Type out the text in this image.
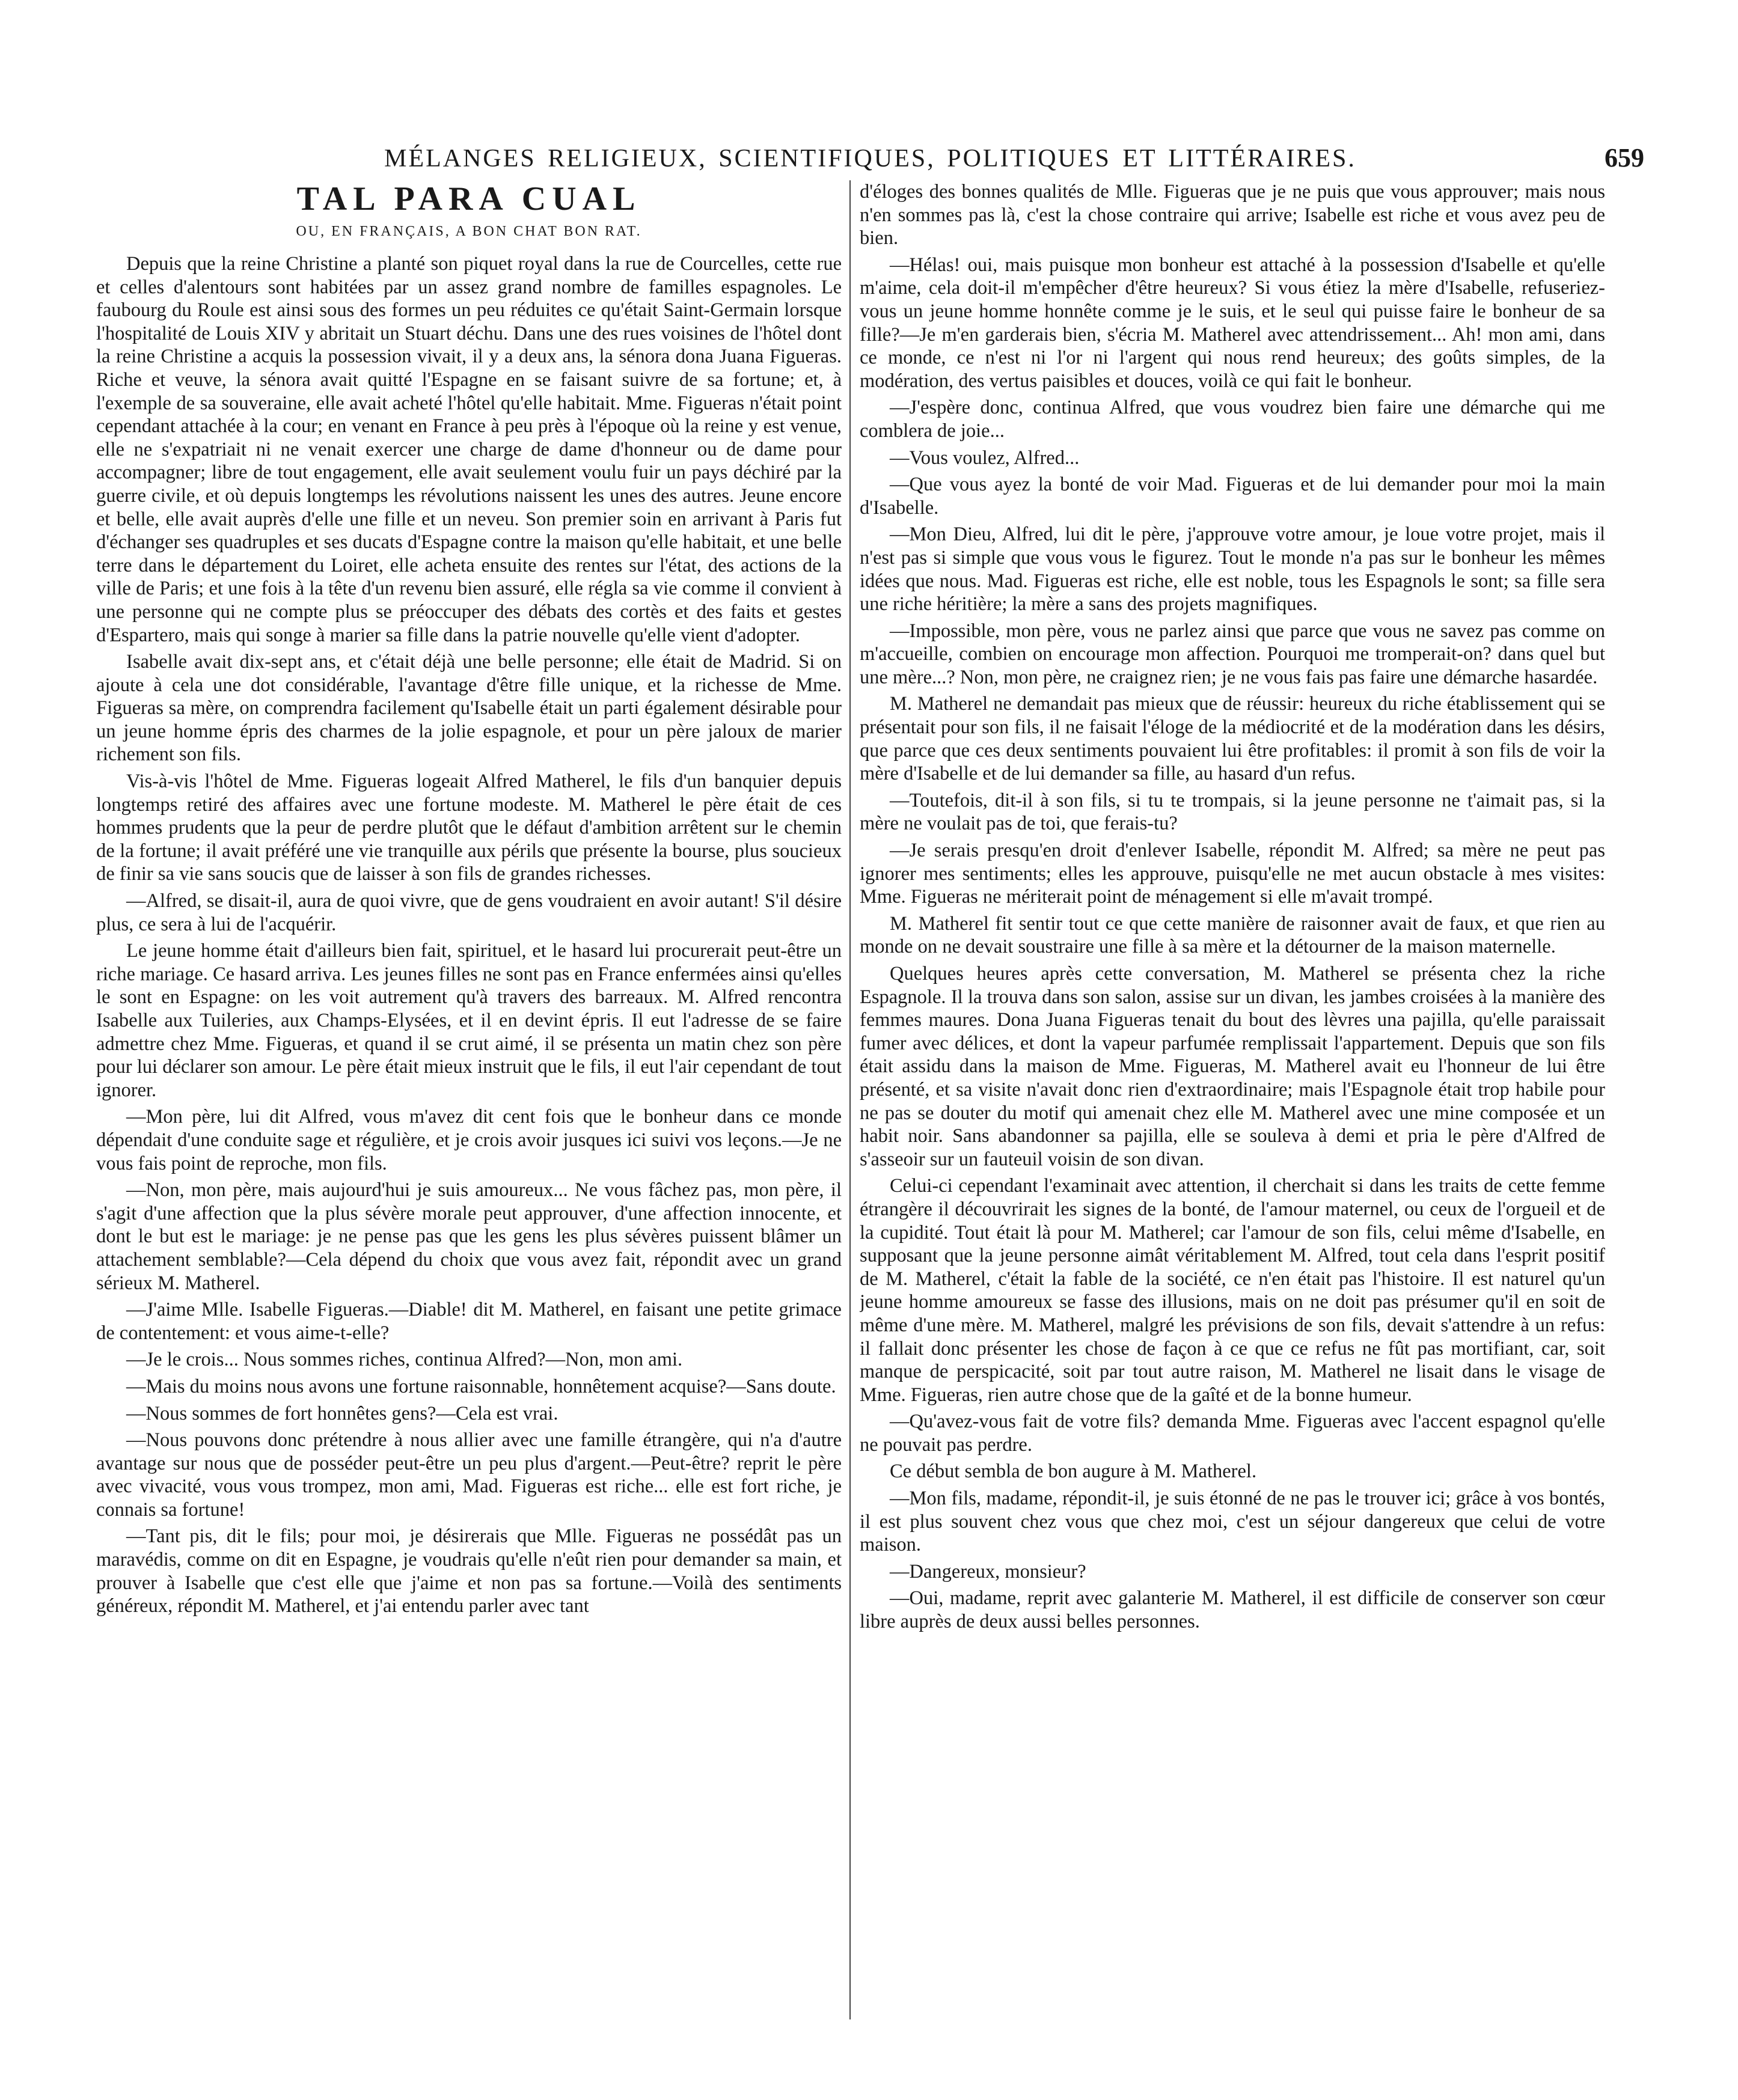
MÉLANGES RELIGIEUX, SCIENTIFIQUES, POLITIQUES ET LITTÉRAIRES.	659
TAL PARA CUAL
OU, EN FRANÇAIS, A BON CHAT BON RAT.

Depuis que la reine Christine a planté son piquet royal dans la rue de Courcelles, cette rue et celles d'alentours sont habitées par un assez grand nombre de familles espagnoles. Le faubourg du Roule est ainsi sous des formes un peu réduites ce qu'était Saint-Germain lorsque l'hospitalité de Louis XIV y abritait un Stuart déchu. Dans une des rues voisines de l'hôtel dont la reine Christine a acquis la possession vivait, il y a deux ans, la sénora dona Juana Figueras. Riche et veuve, la sénora avait quitté l'Espagne en se faisant suivre de sa fortune; et, à l'exemple de sa souveraine, elle avait acheté l'hôtel qu'elle habitait. Mme. Figueras n'était point cependant attachée à la cour; en venant en France à peu près à l'époque où la reine y est venue, elle ne s'expatriait ni ne venait exercer une charge de dame d'honneur ou de dame pour accompagner; libre de tout engagement, elle avait seulement voulu fuir un pays déchiré par la guerre civile, et où depuis longtemps les révolutions naissent les unes des autres. Jeune encore et belle, elle avait auprès d'elle une fille et un neveu. Son premier soin en arrivant à Paris fut d'échanger ses quadruples et ses ducats d'Espagne contre la maison qu'elle habitait, et une belle terre dans le département du Loiret, elle acheta ensuite des rentes sur l'état, des actions de la ville de Paris; et une fois à la tête d'un revenu bien assuré, elle régla sa vie comme il convient à une personne qui ne compte plus se préoccuper des débats des cortès et des faits et gestes d'Espartero, mais qui songe à marier sa fille dans la patrie nouvelle qu'elle vient d'adopter.

Isabelle avait dix-sept ans, et c'était déjà une belle personne; elle était de Madrid. Si on ajoute à cela une dot considérable, l'avantage d'être fille unique, et la richesse de Mme. Figueras sa mère, on comprendra facilement qu'Isabelle était un parti également désirable pour un jeune homme épris des charmes de la jolie espagnole, et pour un père jaloux de marier richement son fils.

Vis-à-vis l'hôtel de Mme. Figueras logeait Alfred Matherel, le fils d'un banquier depuis longtemps retiré des affaires avec une fortune modeste. M. Matherel le père était de ces hommes prudents que la peur de perdre plutôt que le défaut d'ambition arrêtent sur le chemin de la fortune; il avait préféré une vie tranquille aux périls que présente la bourse, plus soucieux de finir sa vie sans soucis que de laisser à son fils de grandes richesses.

—Alfred, se disait-il, aura de quoi vivre, que de gens voudraient en avoir autant! S'il désire plus, ce sera à lui de l'acquérir.

Le jeune homme était d'ailleurs bien fait, spirituel, et le hasard lui procurerait peut-être un riche mariage. Ce hasard arriva. Les jeunes filles ne sont pas en France enfermées ainsi qu'elles le sont en Espagne: on les voit autrement qu'à travers des barreaux. M. Alfred rencontra Isabelle aux Tuileries, aux Champs-Elysées, et il en devint épris. Il eut l'adresse de se faire admettre chez Mme. Figueras, et quand il se crut aimé, il se présenta un matin chez son père pour lui déclarer son amour. Le père était mieux instruit que le fils, il eut l'air cependant de tout ignorer.

—Mon père, lui dit Alfred, vous m'avez dit cent fois que le bonheur dans ce monde dépendait d'une conduite sage et régulière, et je crois avoir jusques ici suivi vos leçons.—Je ne vous fais point de reproche, mon fils.

—Non, mon père, mais aujourd'hui je suis amoureux... Ne vous fâchez pas, mon père, il s'agit d'une affection que la plus sévère morale peut approuver, d'une affection innocente, et dont le but est le mariage: je ne pense pas que les gens les plus sévères puissent blâmer un attachement semblable?—Cela dépend du choix que vous avez fait, répondit avec un grand sérieux M. Matherel.

—J'aime Mlle. Isabelle Figueras.—Diable! dit M. Matherel, en faisant une petite grimace de contentement: et vous aime-t-elle?

—Je le crois... Nous sommes riches, continua Alfred?—Non, mon ami.

—Mais du moins nous avons une fortune raisonnable, honnêtement acquise?—Sans doute.

—Nous sommes de fort honnêtes gens?—Cela est vrai.

—Nous pouvons donc prétendre à nous allier avec une famille étrangère, qui n'a d'autre avantage sur nous que de posséder peut-être un peu plus d'argent.—Peut-être? reprit le père avec vivacité, vous vous trompez, mon ami, Mad. Figueras est riche... elle est fort riche, je connais sa fortune!

—Tant pis, dit le fils; pour moi, je désirerais que Mlle. Figueras ne possédât pas un maravédis, comme on dit en Espagne, je voudrais qu'elle n'eût rien pour demander sa main, et prouver à Isabelle que c'est elle que j'aime et non pas sa fortune.—Voilà des sentiments généreux, répondit M. Matherel, et j'ai entendu parler avec tant

d'éloges des bonnes qualités de Mlle. Figueras que je ne puis que vous approuver; mais nous n'en sommes pas là, c'est la chose contraire qui arrive; Isabelle est riche et vous avez peu de bien.

—Hélas! oui, mais puisque mon bonheur est attaché à la possession d'Isabelle et qu'elle m'aime, cela doit-il m'empêcher d'être heureux? Si vous étiez la mère d'Isabelle, refuseriez-vous un jeune homme honnête comme je le suis, et le seul qui puisse faire le bonheur de sa fille?—Je m'en garderais bien, s'écria M. Matherel avec attendrissement... Ah! mon ami, dans ce monde, ce n'est ni l'or ni l'argent qui nous rend heureux; des goûts simples, de la modération, des vertus paisibles et douces, voilà ce qui fait le bonheur.

—J'espère donc, continua Alfred, que vous voudrez bien faire une démarche qui me comblera de joie...

—Vous voulez, Alfred...

—Que vous ayez la bonté de voir Mad. Figueras et de lui demander pour moi la main d'Isabelle.

—Mon Dieu, Alfred, lui dit le père, j'approuve votre amour, je loue votre projet, mais il n'est pas si simple que vous vous le figurez. Tout le monde n'a pas sur le bonheur les mêmes idées que nous. Mad. Figueras est riche, elle est noble, tous les Espagnols le sont; sa fille sera une riche héritière; la mère a sans des projets magnifiques.

—Impossible, mon père, vous ne parlez ainsi que parce que vous ne savez pas comme on m'accueille, combien on encourage mon affection. Pourquoi me tromperait-on? dans quel but une mère...? Non, mon père, ne craignez rien; je ne vous fais pas faire une démarche hasardée.

M. Matherel ne demandait pas mieux que de réussir: heureux du riche établissement qui se présentait pour son fils, il ne faisait l'éloge de la médiocrité et de la modération dans les désirs, que parce que ces deux sentiments pouvaient lui être profitables: il promit à son fils de voir la mère d'Isabelle et de lui demander sa fille, au hasard d'un refus.

—Toutefois, dit-il à son fils, si tu te trompais, si la jeune personne ne t'aimait pas, si la mère ne voulait pas de toi, que ferais-tu?

—Je serais presqu'en droit d'enlever Isabelle, répondit M. Alfred; sa mère ne peut pas ignorer mes sentiments; elles les approuve, puisqu'elle ne met aucun obstacle à mes visites: Mme. Figueras ne mériterait point de ménagement si elle m'avait trompé.

M. Matherel fit sentir tout ce que cette manière de raisonner avait de faux, et que rien au monde on ne devait soustraire une fille à sa mère et la détourner de la maison maternelle.

Quelques heures après cette conversation, M. Matherel se présenta chez la riche Espagnole. Il la trouva dans son salon, assise sur un divan, les jambes croisées à la manière des femmes maures. Dona Juana Figueras tenait du bout des lèvres una pajilla, qu'elle paraissait fumer avec délices, et dont la vapeur parfumée remplissait l'appartement. Depuis que son fils était assidu dans la maison de Mme. Figueras, M. Matherel avait eu l'honneur de lui être présenté, et sa visite n'avait donc rien d'extraordinaire; mais l'Espagnole était trop habile pour ne pas se douter du motif qui amenait chez elle M. Matherel avec une mine composée et un habit noir. Sans abandonner sa pajilla, elle se souleva à demi et pria le père d'Alfred de s'asseoir sur un fauteuil voisin de son divan.

Celui-ci cependant l'examinait avec attention, il cherchait si dans les traits de cette femme étrangère il découvrirait les signes de la bonté, de l'amour maternel, ou ceux de l'orgueil et de la cupidité. Tout était là pour M. Matherel; car l'amour de son fils, celui même d'Isabelle, en supposant que la jeune personne aimât véritablement M. Alfred, tout cela dans l'esprit positif de M. Matherel, c'était la fable de la société, ce n'en était pas l'histoire. Il est naturel qu'un jeune homme amoureux se fasse des illusions, mais on ne doit pas présumer qu'il en soit de même d'une mère. M. Matherel, malgré les prévisions de son fils, devait s'attendre à un refus: il fallait donc présenter les chose de façon à ce que ce refus ne fût pas mortifiant, car, soit manque de perspicacité, soit par tout autre raison, M. Matherel ne lisait dans le visage de Mme. Figueras, rien autre chose que de la gaîté et de la bonne humeur.

—Qu'avez-vous fait de votre fils? demanda Mme. Figueras avec l'accent espagnol qu'elle ne pouvait pas perdre.

Ce début sembla de bon augure à M. Matherel.

—Mon fils, madame, répondit-il, je suis étonné de ne pas le trouver ici; grâce à vos bontés, il est plus souvent chez vous que chez moi, c'est un séjour dangereux que celui de votre maison.

—Dangereux, monsieur?

—Oui, madame, reprit avec galanterie M. Matherel, il est difficile de conserver son cœur libre auprès de deux aussi belles personnes.
